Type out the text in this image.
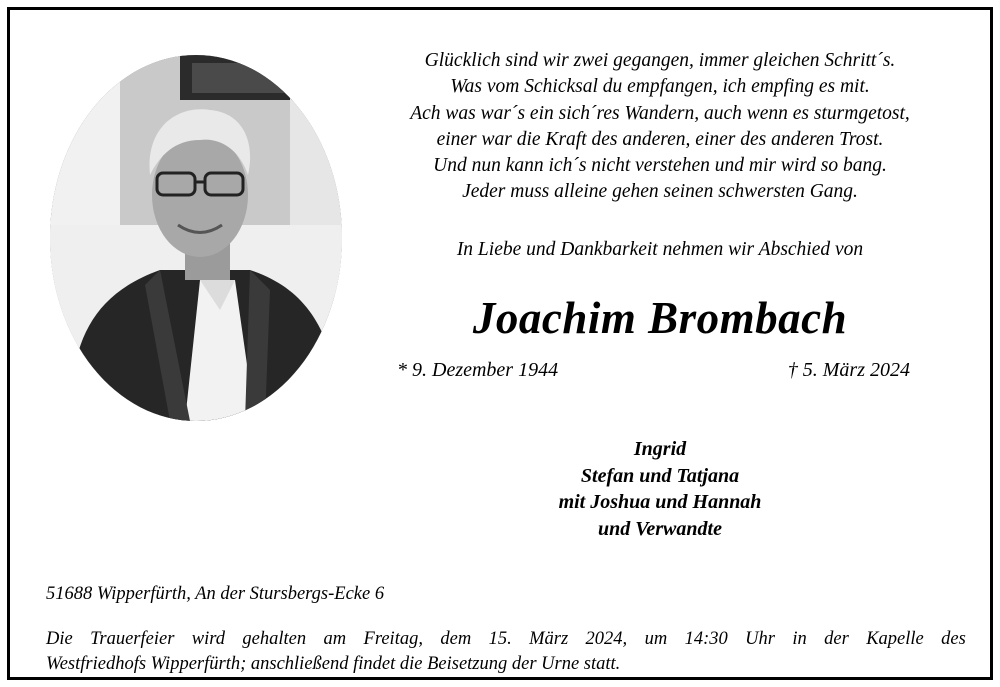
Glücklich sind wir zwei gegangen, immer gleichen Schritt´s.
Was vom Schicksal du empfangen, ich empfing es mit.
Ach was war´s ein sich´res Wandern, auch wenn es sturmgetost,
einer war die Kraft des anderen, einer des anderen Trost.
Und nun kann ich´s nicht verstehen und mir wird so bang.
Jeder muss alleine gehen seinen schwersten Gang.
In Liebe und Dankbarkeit nehmen wir Abschied von
Joachim Brombach
* 9. Dezember 1944	† 5. März 2024
Ingrid
Stefan und Tatjana
mit Joshua und Hannah
und Verwandte
51688 Wipperfürth, An der Stursbergs-Ecke 6
Die Trauerfeier wird gehalten am Freitag, dem 15. März 2024, um 14:30 Uhr in der Kapelle des
Westfriedhofs Wipperfürth; anschließend findet die Beisetzung der Urne statt.
